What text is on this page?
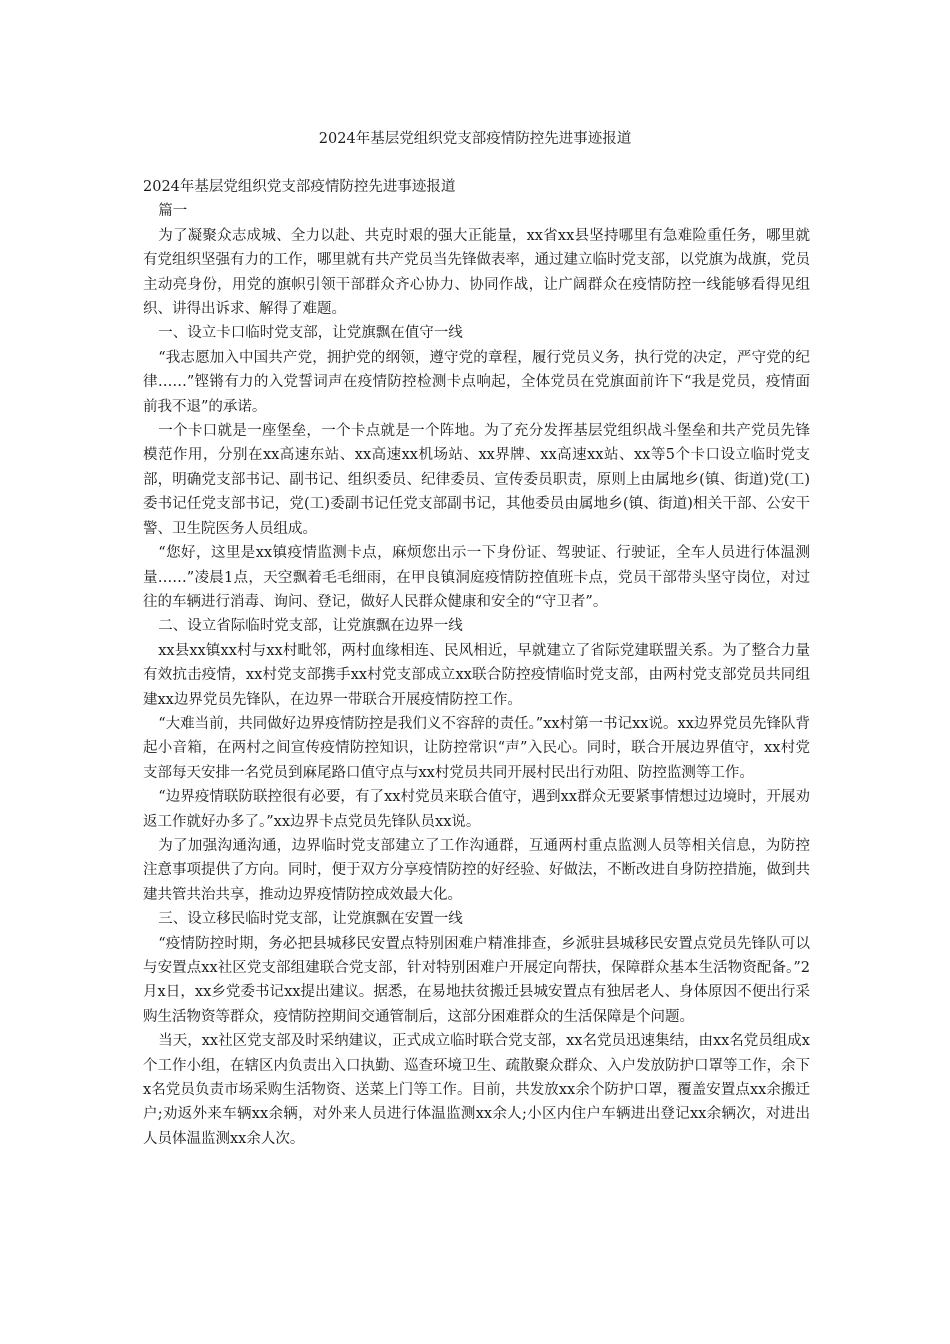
2024年基层党组织党支部疫情防控先进事迹报道

2024年基层党组织党支部疫情防控先进事迹报道

篇一

为了凝聚众志成城、全力以赴、共克时艰的强大正能量，xx省xx县坚持哪里有急难险重任务，哪里就有党组织坚强有力的工作，哪里就有共产党员当先锋做表率，通过建立临时党支部，以党旗为战旗，党员主动亮身份，用党的旗帜引领干部群众齐心协力、协同作战，让广阔群众在疫情防控一线能够看得见组织、讲得出诉求、解得了难题。

一、设立卡口临时党支部，让党旗飘在值守一线

“我志愿加入中国共产党，拥护党的纲领，遵守党的章程，履行党员义务，执行党的决定，严守党的纪律……”铿锵有力的入党誓词声在疫情防控检测卡点响起，全体党员在党旗面前许下“我是党员，疫情面前我不退”的承诺。

一个卡口就是一座堡垒，一个卡点就是一个阵地。为了充分发挥基层党组织战斗堡垒和共产党员先锋模范作用，分别在xx高速东站、xx高速xx机场站、xx界牌、xx高速xx站、xx等5个卡口设立临时党支部，明确党支部书记、副书记、组织委员、纪律委员、宣传委员职责，原则上由属地乡(镇、街道)党(工)委书记任党支部书记，党(工)委副书记任党支部副书记，其他委员由属地乡(镇、街道)相关干部、公安干警、卫生院医务人员组成。

“您好，这里是xx镇疫情监测卡点，麻烦您出示一下身份证、驾驶证、行驶证，全车人员进行体温测量……”凌晨1点，天空飘着毛毛细雨，在甲良镇洞庭疫情防控值班卡点，党员干部带头坚守岗位，对过往的车辆进行消毒、询问、登记，做好人民群众健康和安全的“守卫者”。

二、设立省际临时党支部，让党旗飘在边界一线

xx县xx镇xx村与xx村毗邻，两村血缘相连、民风相近，早就建立了省际党建联盟关系。为了整合力量有效抗击疫情，xx村党支部携手xx村党支部成立xx联合防控疫情临时党支部，由两村党支部党员共同组建xx边界党员先锋队，在边界一带联合开展疫情防控工作。

“大难当前，共同做好边界疫情防控是我们义不容辞的责任。”xx村第一书记xx说。xx边界党员先锋队背起小音箱，在两村之间宣传疫情防控知识，让防控常识“声”入民心。同时，联合开展边界值守，xx村党支部每天安排一名党员到麻尾路口值守点与xx村党员共同开展村民出行劝阻、防控监测等工作。

“边界疫情联防联控很有必要，有了xx村党员来联合值守，遇到xx群众无要紧事情想过边境时，开展劝返工作就好办多了。”xx边界卡点党员先锋队员xx说。

为了加强沟通沟通，边界临时党支部建立了工作沟通群，互通两村重点监测人员等相关信息，为防控注意事项提供了方向。同时，便于双方分享疫情防控的好经验、好做法，不断改进自身防控措施，做到共建共管共治共享，推动边界疫情防控成效最大化。

三、设立移民临时党支部，让党旗飘在安置一线

“疫情防控时期，务必把县城移民安置点特别困难户精准排查，乡派驻县城移民安置点党员先锋队可以与安置点xx社区党支部组建联合党支部，针对特别困难户开展定向帮扶，保障群众基本生活物资配备。”2月x日，xx乡党委书记xx提出建议。据悉，在易地扶贫搬迁县城安置点有独居老人、身体原因不便出行采购生活物资等群众，疫情防控期间交通管制后，这部分困难群众的生活保障是个问题。

当天，xx社区党支部及时采纳建议，正式成立临时联合党支部，xx名党员迅速集结，由xx名党员组成x个工作小组，在辖区内负责出入口执勤、巡查环境卫生、疏散聚众群众、入户发放防护口罩等工作，余下x名党员负责市场采购生活物资、送菜上门等工作。目前，共发放xx余个防护口罩，覆盖安置点xx余搬迁户;劝返外来车辆xx余辆，对外来人员进行体温监测xx余人;小区内住户车辆进出登记xx余辆次，对进出人员体温监测xx余人次。
